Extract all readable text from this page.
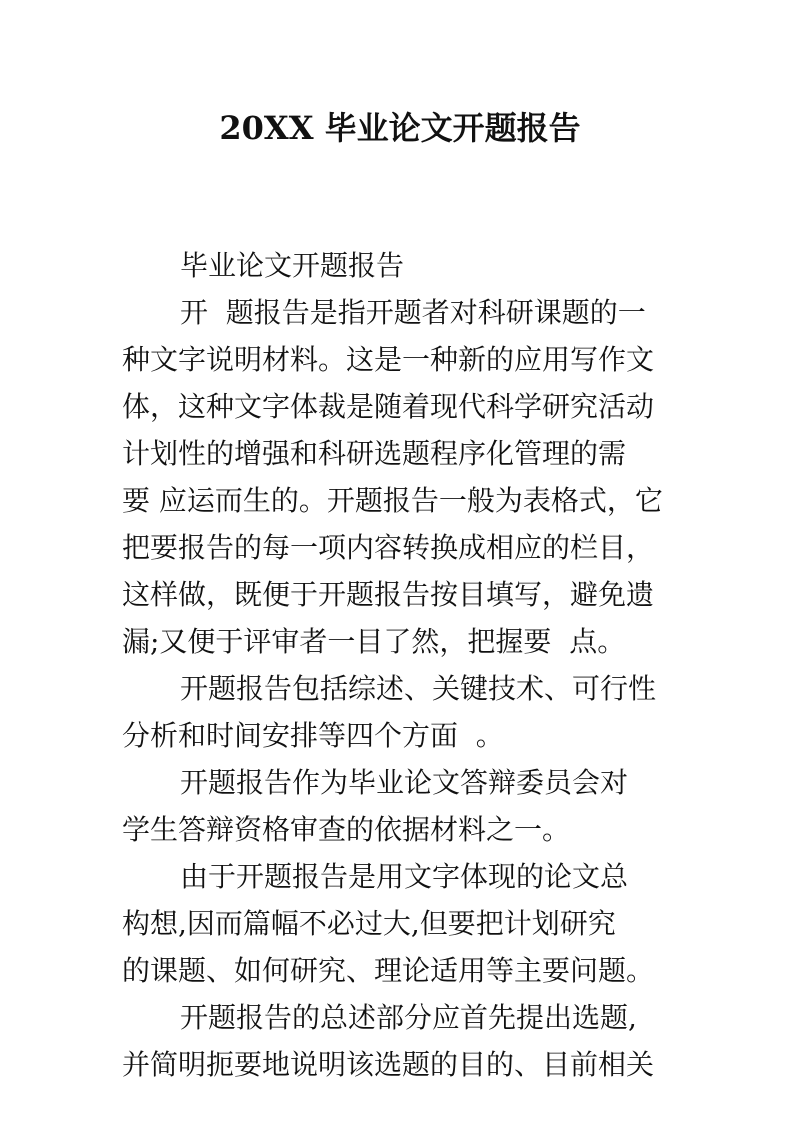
20XX 毕业论文开题报告
毕业论文开题报告
开  题报告是指开题者对科研课题的一
种文字说明材料。这是一种新的应用写作文
体，这种文字体裁是随着现代科学研究活动
计划性的增强和科研选题程序化管理的需
要 应运而生的。开题报告一般为表格式，它
把要报告的每一项内容转换成相应的栏目，
这样做，既便于开题报告按目填写，避免遗
漏;又便于评审者一目了然，把握要  点。
开题报告包括综述、关键技术、可行性
分析和时间安排等四个方面  。
开题报告作为毕业论文答辩委员会对
学生答辩资格审查的依据材料之一。
由于开题报告是用文字体现的论文总
构想,因而篇幅不必过大,但要把计划研究
的课题、如何研究、理论适用等主要问题。
开题报告的总述部分应首先提出选题,
并简明扼要地说明该选题的目的、目前相关
